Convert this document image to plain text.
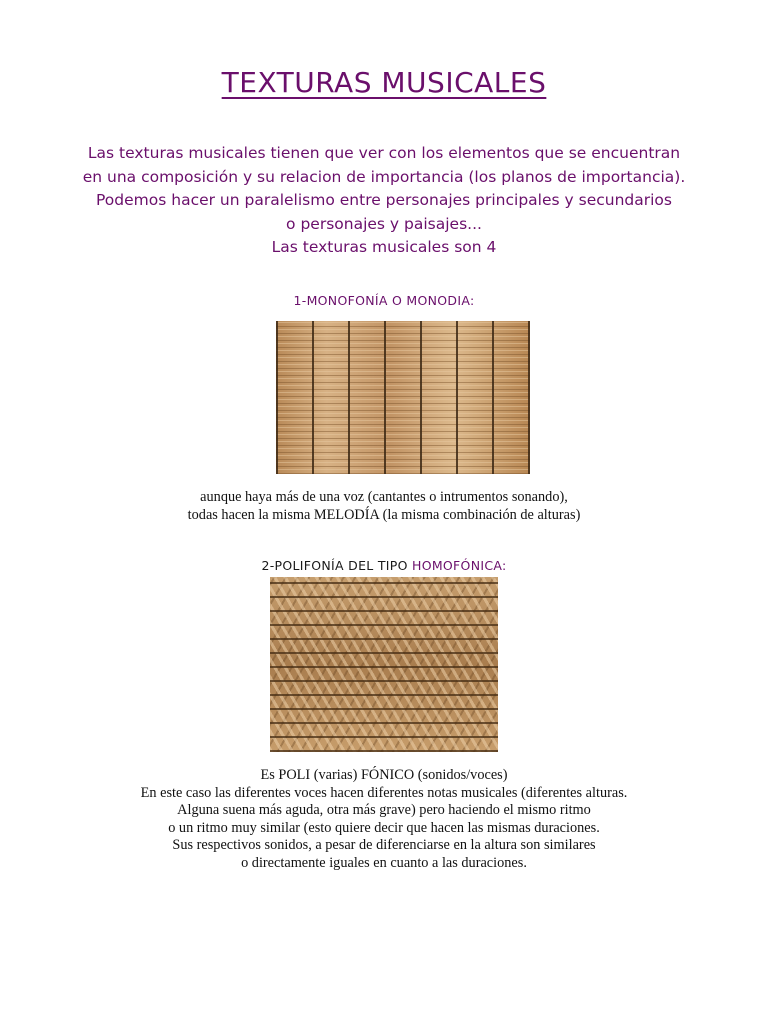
TEXTURAS MUSICALES
Las texturas musicales tienen que ver con los elementos que se encuentran
en una composición y su relacion de importancia (los planos de importancia).
Podemos hacer un paralelismo entre personajes principales y secundarios
o personajes y paisajes...
Las texturas musicales son 4
1-MONOFONÍA O MONODIA:
aunque haya más de una voz (cantantes o intrumentos sonando),
todas hacen la misma MELODÍA (la misma combinación de alturas)
2-POLIFONÍA DEL TIPO HOMOFÓNICA:
Es POLI (varias) FÓNICO (sonidos/voces)
En este caso las diferentes voces hacen diferentes notas musicales (diferentes alturas.
Alguna suena más aguda, otra más grave) pero haciendo el mismo ritmo
o un ritmo muy similar (esto quiere decir que hacen las mismas duraciones.
Sus respectivos sonidos, a pesar de diferenciarse en la altura son similares
o directamente iguales en cuanto a las duraciones.
